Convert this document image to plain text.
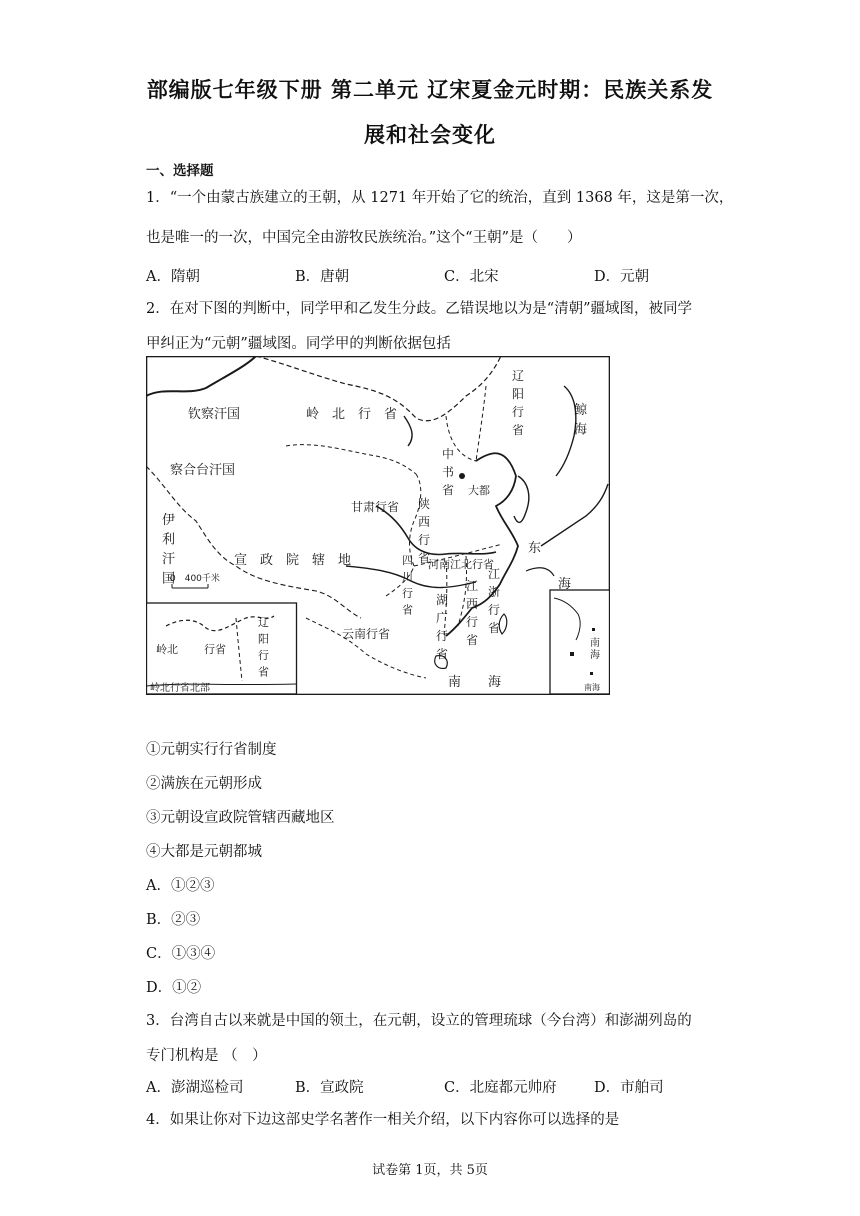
部编版七年级下册 第二单元 辽宋夏金元时期：民族关系发
展和社会变化
一、选择题
1．“一个由蒙古族建立的王朝，从 1271 年开始了它的统治，直到 1368 年，这是第一次，
也是唯一的一次，中国完全由游牧民族统治。”这个“王朝”是（　　）
A．隋朝	B．唐朝	C．北宋	D．元朝
2．在对下图的判断中，同学甲和乙发生分歧。乙错误地以为是“清朝”疆域图，被同学
甲纠正为“元朝”疆域图。同学甲的判断依据包括
钦察汗国	岭　北　行　省
察合台汗国
甘肃行省
大都
宣　政　院　辖　地	河南江北行省
东
海
云南行省
0　400千米
南 海
岭北 行省
岭北行省北部
南
海
南海
辽阳行省
鲸海
伊利汗国
中书省
陕西行省
四川行省
江浙行省
江西行省
湖广行省
辽阳行省
①元朝实行行省制度
②满族在元朝形成
③元朝设宣政院管辖西藏地区
④大都是元朝都城
A．①②③
B．②③
C．①③④
D．①②
3．台湾自古以来就是中国的领土，在元朝，设立的管理琉球（今台湾）和澎湖列岛的
专门机构是 （　）
A．澎湖巡检司	B．宣政院	C．北庭都元帅府	D．市舶司
4．如果让你对下边这部史学名著作一相关介绍，以下内容你可以选择的是
试卷第 1页，共 5页
